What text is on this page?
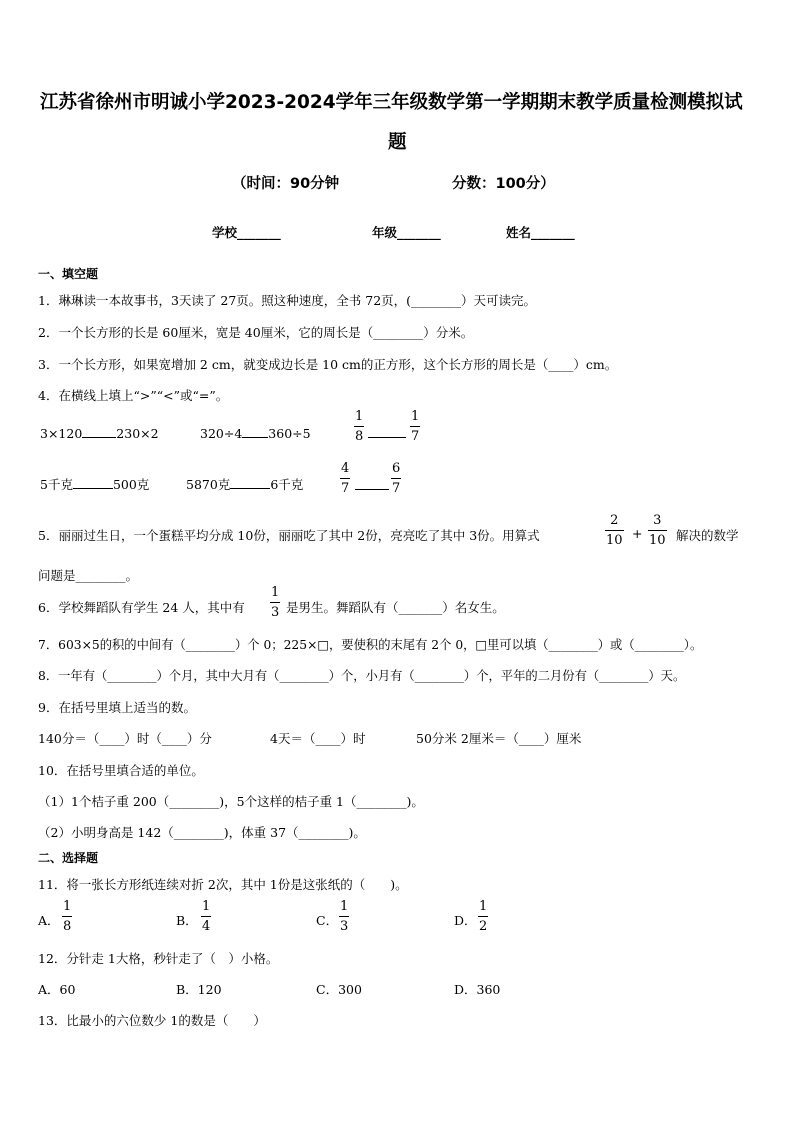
江苏省徐州市明诚小学2023-2024学年三年级数学第一学期期末教学质量检测模拟试
题
（时间：90分钟	分数：100分）
学校_______	年级_______	姓名_______
一、填空题
1．琳琳读一本故事书，3天读了 27页。照这种速度，全书 72页，(________）天可读完。
2．一个长方形的长是 60厘米，宽是 40厘米，它的周长是（________）分米。
3．一个长方形，如果宽增加 2 cm，就变成边长是 10 cm的正方形，这个长方形的周长是（____）cm。
4．在横线上填上“>”“<”或“=”。
3×120	230×2	320÷4 360÷5	$\frac{1}{8}$	$\frac{1}{7}$
5千克	500克	5870克	6千克	$\frac{4}{7}$	$\frac{6}{7}$
5．丽丽过生日，一个蛋糕平均分成 10份，丽丽吃了其中 2份，亮亮吃了其中 3份。用算式	$\frac{2}{10} + \frac{3}{10}$ 解决的数学
问题是________。
6．学校舞蹈队有学生 24 人，其中有 $\frac{1}{3}$ 是男生。舞蹈队有（_______）名女生。
7．603×5的积的中间有（________）个 0；225×□，要使积的末尾有 2个 0，□里可以填（________）或（________）。
8．一年有（________）个月，其中大月有（________）个，小月有（________）个，平年的二月份有（________）天。
9．在括号里填上适当的数。
140分＝（____）时（____）分	4天＝（____）时	50分米 2厘米＝（____）厘米
10．在括号里填合适的单位。
（1）1个桔子重 200（________)，5个这样的桔子重 1（________)。
（2）小明身高是 142（________)，体重 37（________)。
二、选择题
11．将一张长方形纸连续对折 2次，其中 1份是这张纸的（　　)。
A． $\frac{1}{8}$	B． $\frac{1}{4}$	C． $\frac{1}{3}$	D． $\frac{1}{2}$
12．分针走 1大格，秒针走了（　）小格。
A．60	B．120	C．300	D．360
13．比最小的六位数少 1的数是（　　）
